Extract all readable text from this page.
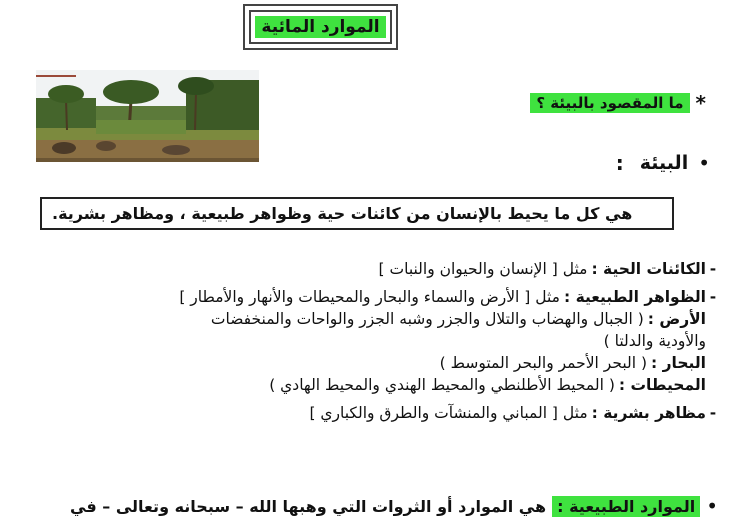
الموارد المائية
*
ما المقصود بالبيئة ؟
•
البيئة
:
هي كل ما يحيط بالإنسان من كائنات حية وظواهر طبيعية ، ومظاهر بشرية.
-
الكائنات الحية :
مثل [ الإنسان والحيوان والنبات ]
-
الظواهر الطبيعية :
مثل [ الأرض والسماء والبحار والمحيطات والأنهار والأمطار ]
الأرض :
( الجبال والهضاب والتلال والجزر وشبه الجزر والواحات والمنخفضات
والأودية والدلتا )
البحار :
( البحر الأحمر والبحر المتوسط )
المحيطات :
( المحيط الأطلنطي والمحيط الهندي والمحيط الهادي )
-
مظاهر بشرية :
مثل [ المباني والمنشآت والطرق والكباري ]
•
الموارد الطبيعية :
هي الموارد أو الثروات التي وهبها الله – سبحانه وتعالى – في
